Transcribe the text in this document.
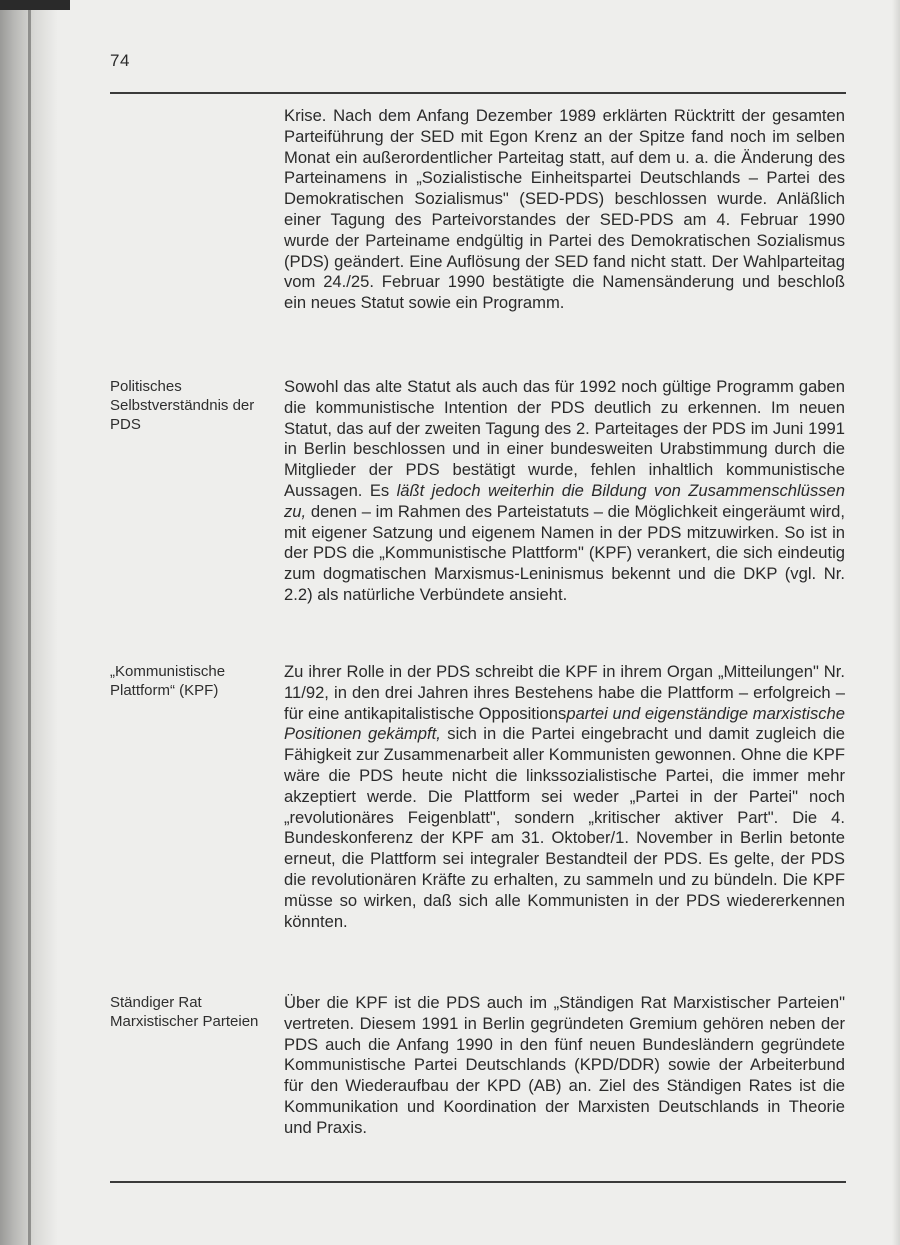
74
Politisches Selbstverständnis der PDS
„Kommunistische Plattform“ (KPF)
Ständiger Rat Marxistischer Parteien

Krise. Nach dem Anfang Dezember 1989 erklärten Rücktritt der gesamten Parteiführung der SED mit Egon Krenz an der Spitze fand noch im selben Monat ein außerordentlicher Parteitag statt, auf dem u. a. die Änderung des Parteinamens in „Sozialistische Einheitspartei Deutschlands – Partei des Demokratischen Sozialismus" (SED-PDS) beschlossen wurde. Anläßlich einer Tagung des Parteivorstandes der SED-PDS am 4. Februar 1990 wurde der Parteiname endgültig in Partei des Demokratischen Sozialismus (PDS) geändert. Eine Auflösung der SED fand nicht statt. Der Wahlparteitag vom 24./25. Februar 1990 bestätigte die Namensänderung und beschloß ein neues Statut sowie ein Programm.

Sowohl das alte Statut als auch das für 1992 noch gültige Programm gaben die kommunistische Intention der PDS deutlich zu erkennen. Im neuen Statut, das auf der zweiten Tagung des 2. Parteitages der PDS im Juni 1991 in Berlin beschlossen und in einer bundesweiten Urabstimmung durch die Mitglieder der PDS bestätigt wurde, fehlen inhaltlich kommunistische Aussagen. Es läßt jedoch weiterhin die Bildung von Zusammenschlüssen zu, denen – im Rahmen des Parteistatuts – die Möglichkeit eingeräumt wird, mit eigener Satzung und eigenem Namen in der PDS mitzuwirken. So ist in der PDS die „Kommunistische Plattform" (KPF) verankert, die sich eindeutig zum dogmatischen Marxismus-Leninismus bekennt und die DKP (vgl. Nr. 2.2) als natürliche Verbündete ansieht.

Zu ihrer Rolle in der PDS schreibt die KPF in ihrem Organ „Mitteilungen" Nr. 11/92, in den drei Jahren ihres Bestehens habe die Plattform – erfolgreich – für eine antikapitalistische Oppositionspartei und eigenständige marxistische Positionen gekämpft, sich in die Partei eingebracht und damit zugleich die Fähigkeit zur Zusammenarbeit aller Kommunisten gewonnen. Ohne die KPF wäre die PDS heute nicht die linkssozialistische Partei, die immer mehr akzeptiert werde. Die Plattform sei weder „Partei in der Partei" noch „revolutionäres Feigenblatt", sondern „kritischer aktiver Part". Die 4. Bundeskonferenz der KPF am 31. Oktober/1. November in Berlin betonte erneut, die Plattform sei integraler Bestandteil der PDS. Es gelte, der PDS die revolutionären Kräfte zu erhalten, zu sammeln und zu bündeln. Die KPF müsse so wirken, daß sich alle Kommunisten in der PDS wiedererkennen könnten.

Über die KPF ist die PDS auch im „Ständigen Rat Marxistischer Parteien" vertreten. Diesem 1991 in Berlin gegründeten Gremium gehören neben der PDS auch die Anfang 1990 in den fünf neuen Bundesländern gegründete Kommunistische Partei Deutschlands (KPD/DDR) sowie der Arbeiterbund für den Wiederaufbau der KPD (AB) an. Ziel des Ständigen Rates ist die Kommunikation und Koordination der Marxisten Deutschlands in Theorie und Praxis.
